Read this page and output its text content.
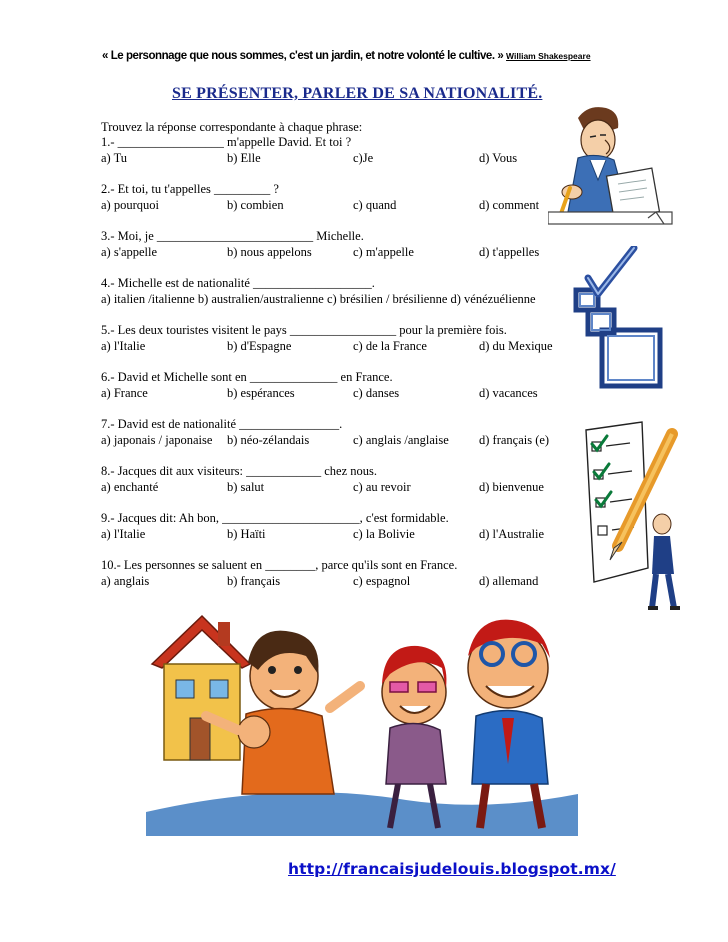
« Le personnage que nous sommes, c'est un jardin, et notre volonté le cultive. » William Shakespeare
SE PRÉSENTER, PARLER DE SA NATIONALITÉ.
Trouvez la réponse correspondante à chaque phrase:
1.- _________________ m'appelle David. Et toi ?
a) Tu	b) Elle	c)Je	d) Vous
2.- Et toi, tu t'appelles _________ ?
a) pourquoi	b) combien	c) quand	d) comment
3.- Moi, je _________________________ Michelle.
a) s'appelle	b) nous appelons	c) m'appelle	d) t'appelles
4.- Michelle est de nationalité ___________________.
a) italien /italienne b) australien/australienne c) brésilien / brésilienne d) vénézuélienne
5.- Les deux touristes visitent le pays _________________ pour la première fois.
a) l'Italie	b) d'Espagne	c) de la France	d) du Mexique
6.- David et Michelle sont en ______________ en France.
a) France	b) espérances	c) danses	d) vacances
7.- David est de nationalité ________________.
a) japonais / japonaise b) néo-zélandais	c) anglais /anglaise d) français (e)
8.- Jacques dit aux visiteurs: ____________ chez nous.
a) enchanté	b) salut	c) au revoir	d) bienvenue
9.- Jacques dit: Ah bon, ______________________, c'est formidable.
a) l'Italie	b) Haïti	c) la Bolivie	d) l'Australie
10.- Les personnes se saluent en ________, parce qu'ils sont en France.
a) anglais	b) français	c) espagnol	d) allemand
http://francaisjudelouis.blogspot.mx/
